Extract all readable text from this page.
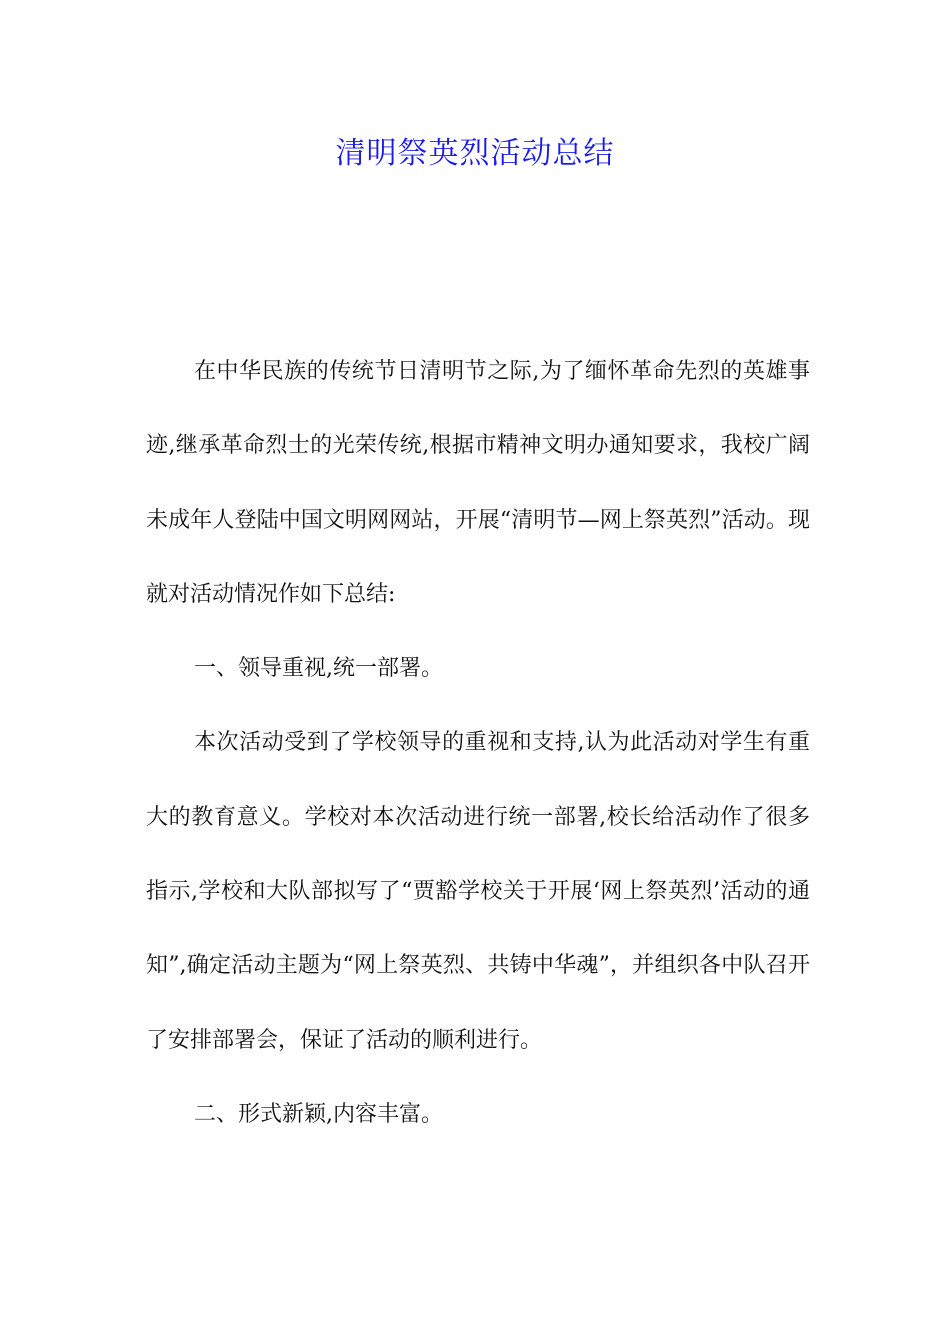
清明祭英烈活动总结

在中华民族的传统节日清明节之际,为了缅怀革命先烈的英雄事迹,继承革命烈士的光荣传统,根据市精神文明办通知要求，我校广阔未成年人登陆中国文明网网站，开展“清明节—网上祭英烈”活动。现就对活动情况作如下总结:

一、领导重视,统一部署。

本次活动受到了学校领导的重视和支持,认为此活动对学生有重大的教育意义。学校对本次活动进行统一部署,校长给活动作了很多指示,学校和大队部拟写了“贾豁学校关于开展‘网上祭英烈’活动的通知”,确定活动主题为“网上祭英烈、共铸中华魂”，并组织各中队召开了安排部署会，保证了活动的顺利进行。

二、形式新颖,内容丰富。
